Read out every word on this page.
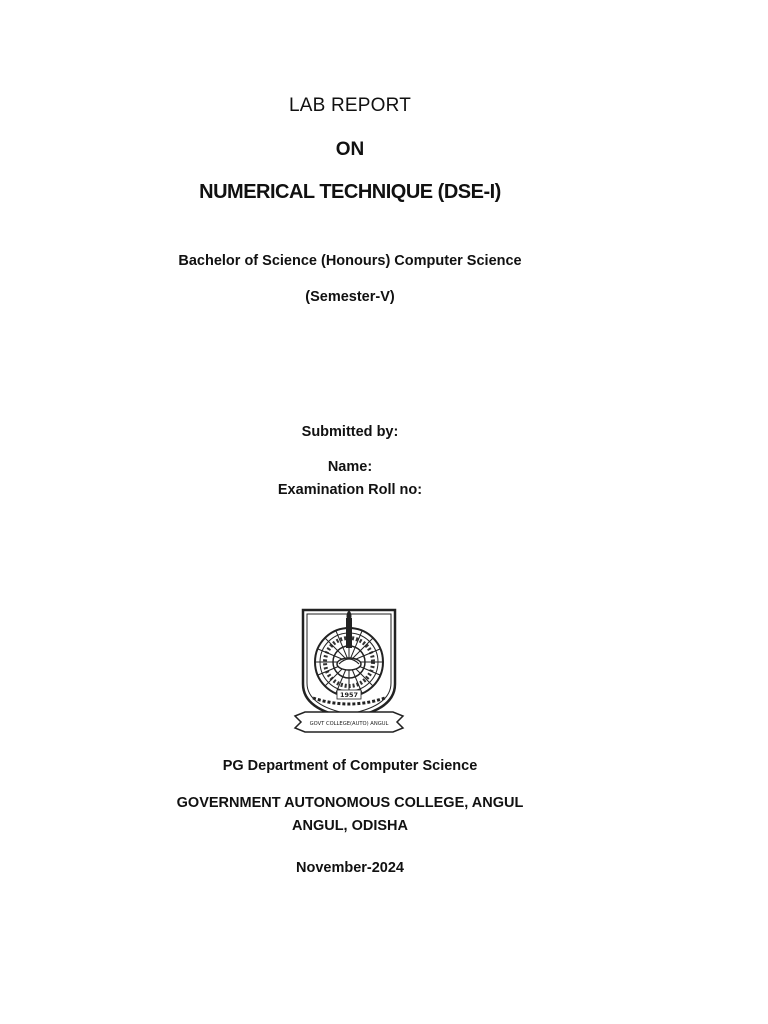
LAB REPORT
ON
NUMERICAL TECHNIQUE (DSE-I)
Bachelor of Science (Honours) Computer Science
(Semester-V)
Submitted by:
Name:
Examination Roll no:
1957
GOVT COLLEGE(AUTO) ANGUL
PG Department of Computer Science
GOVERNMENT AUTONOMOUS COLLEGE, ANGUL
ANGUL, ODISHA
November-2024
